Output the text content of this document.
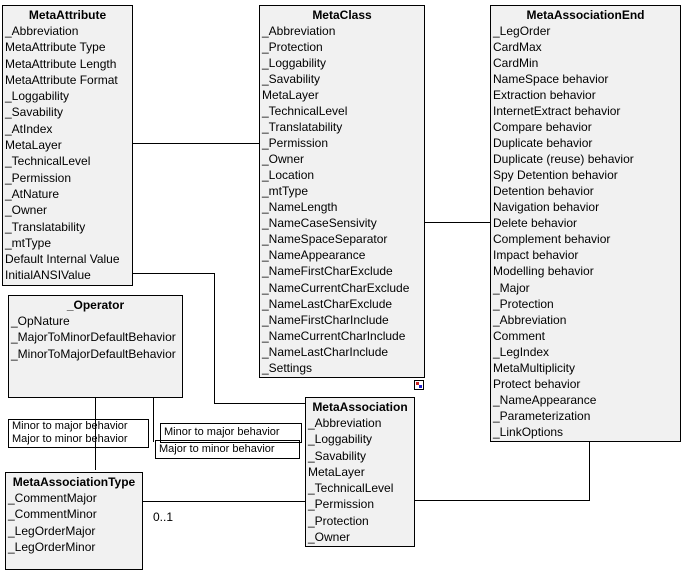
MetaAttribute
_Abbreviation
MetaAttribute Type
MetaAttribute Length
MetaAttribute Format
_Loggability
_Savability
_AtIndex
MetaLayer
_TechnicalLevel
_Permission
_AtNature
_Owner
_Translatability
_mtType
Default Internal Value
InitialANSIValue
MetaClass
_Abbreviation
_Protection
_Loggability
_Savability
MetaLayer
_TechnicalLevel
_Translatability
_Permission
_Owner
_Location
_mtType
_NameLength
_NameCaseSensivity
_NameSpaceSeparator
_NameAppearance
_NameFirstCharExclude
_NameCurrentCharExclude
_NameLastCharExclude
_NameFirstCharInclude
_NameCurrentCharInclude
_NameLastCharInclude
_Settings
MetaAssociationEnd
_LegOrder
CardMax
CardMin
NameSpace behavior
Extraction behavior
InternetExtract behavior
Compare behavior
Duplicate behavior
Duplicate (reuse) behavior
Spy Detention behavior
Detention behavior
Navigation behavior
Delete behavior
Complement behavior
Impact behavior
Modelling behavior
_Major
_Protection
_Abbreviation
Comment
_LegIndex
MetaMultiplicity
Protect behavior
_NameAppearance
_Parameterization
_LinkOptions
_Operator
_OpNature
_MajorToMinorDefaultBehavior
_MinorToMajorDefaultBehavior
MetaAssociation
_Abbreviation
_Loggability
_Savability
MetaLayer
_TechnicalLevel
_Permission
_Protection
_Owner
MetaAssociationType
_CommentMajor
_CommentMinor
_LegOrderMajor
_LegOrderMinor
Minor to major behavior
Major to minor behavior
Minor to major behavior
Major to minor behavior
0..1
